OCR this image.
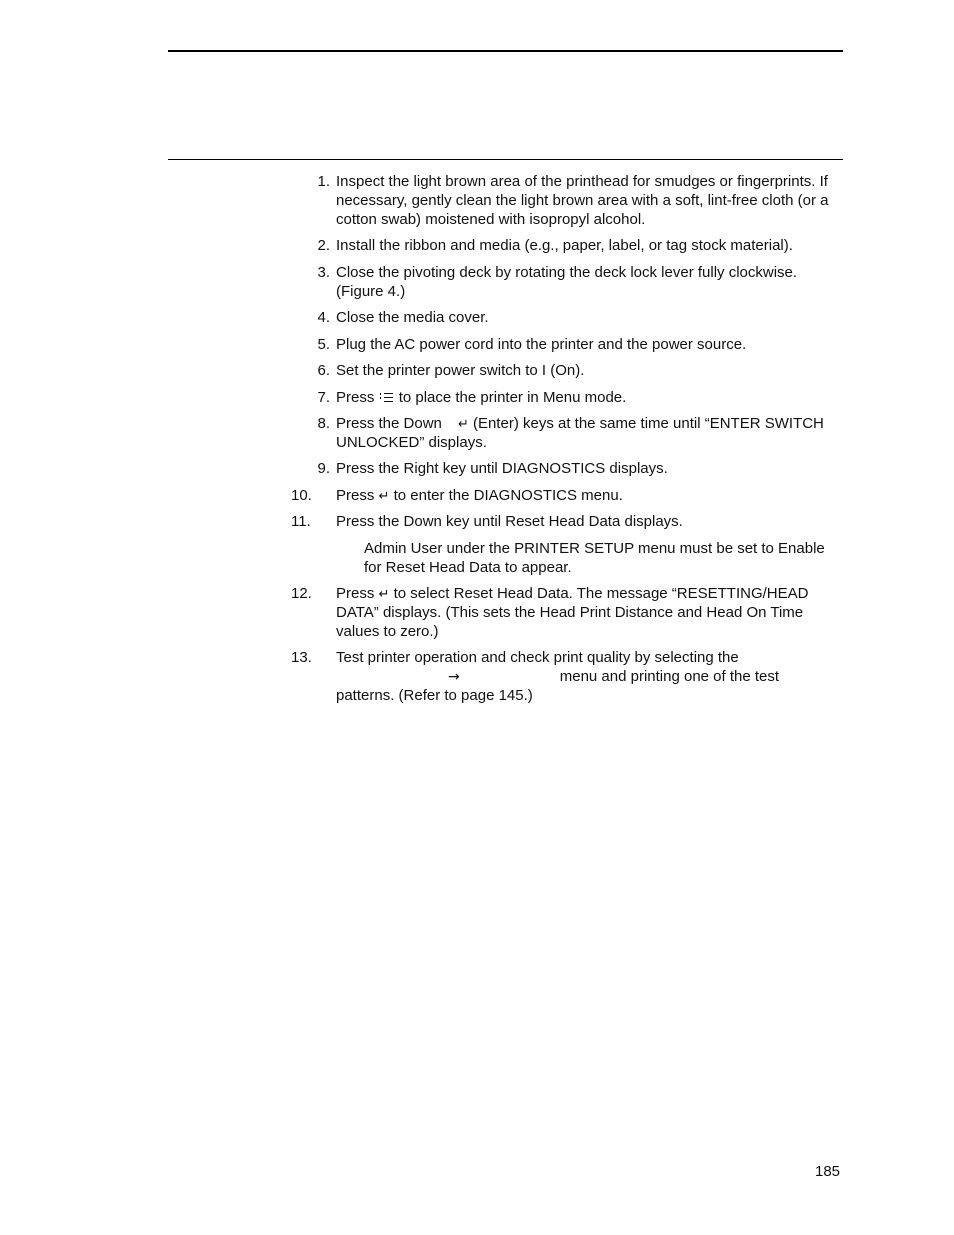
1. Inspect the light brown area of the printhead for smudges or fingerprints. If necessary, gently clean the light brown area with a soft, lint-free cloth (or a cotton swab) moistened with isopropyl alcohol.
2. Install the ribbon and media (e.g., paper, label, or tag stock material).
3. Close the pivoting deck by rotating the deck lock lever fully clockwise. (Figure 4.)
4. Close the media cover.
5. Plug the AC power cord into the printer and the power source.
6. Set the printer power switch to I (On).
7. Press to place the printer in Menu mode.
8. Press the Down ↵ (Enter) keys at the same time until “ENTER SWITCH UNLOCKED” displays.
9. Press the Right key until DIAGNOSTICS displays.
10.	Press ↵ to enter the DIAGNOSTICS menu.
11.	Press the Down key until Reset Head Data displays.
Admin User under the PRINTER SETUP menu must be set to Enable for Reset Head Data to appear.
12.	Press ↵ to select Reset Head Data. The message “RESETTING/HEAD DATA” displays. (This sets the Head Print Distance and Head On Time values to zero.)
13.	Test printer operation and check print quality by selecting the
→	menu and printing one of the test
patterns. (Refer to page 145.)
185
